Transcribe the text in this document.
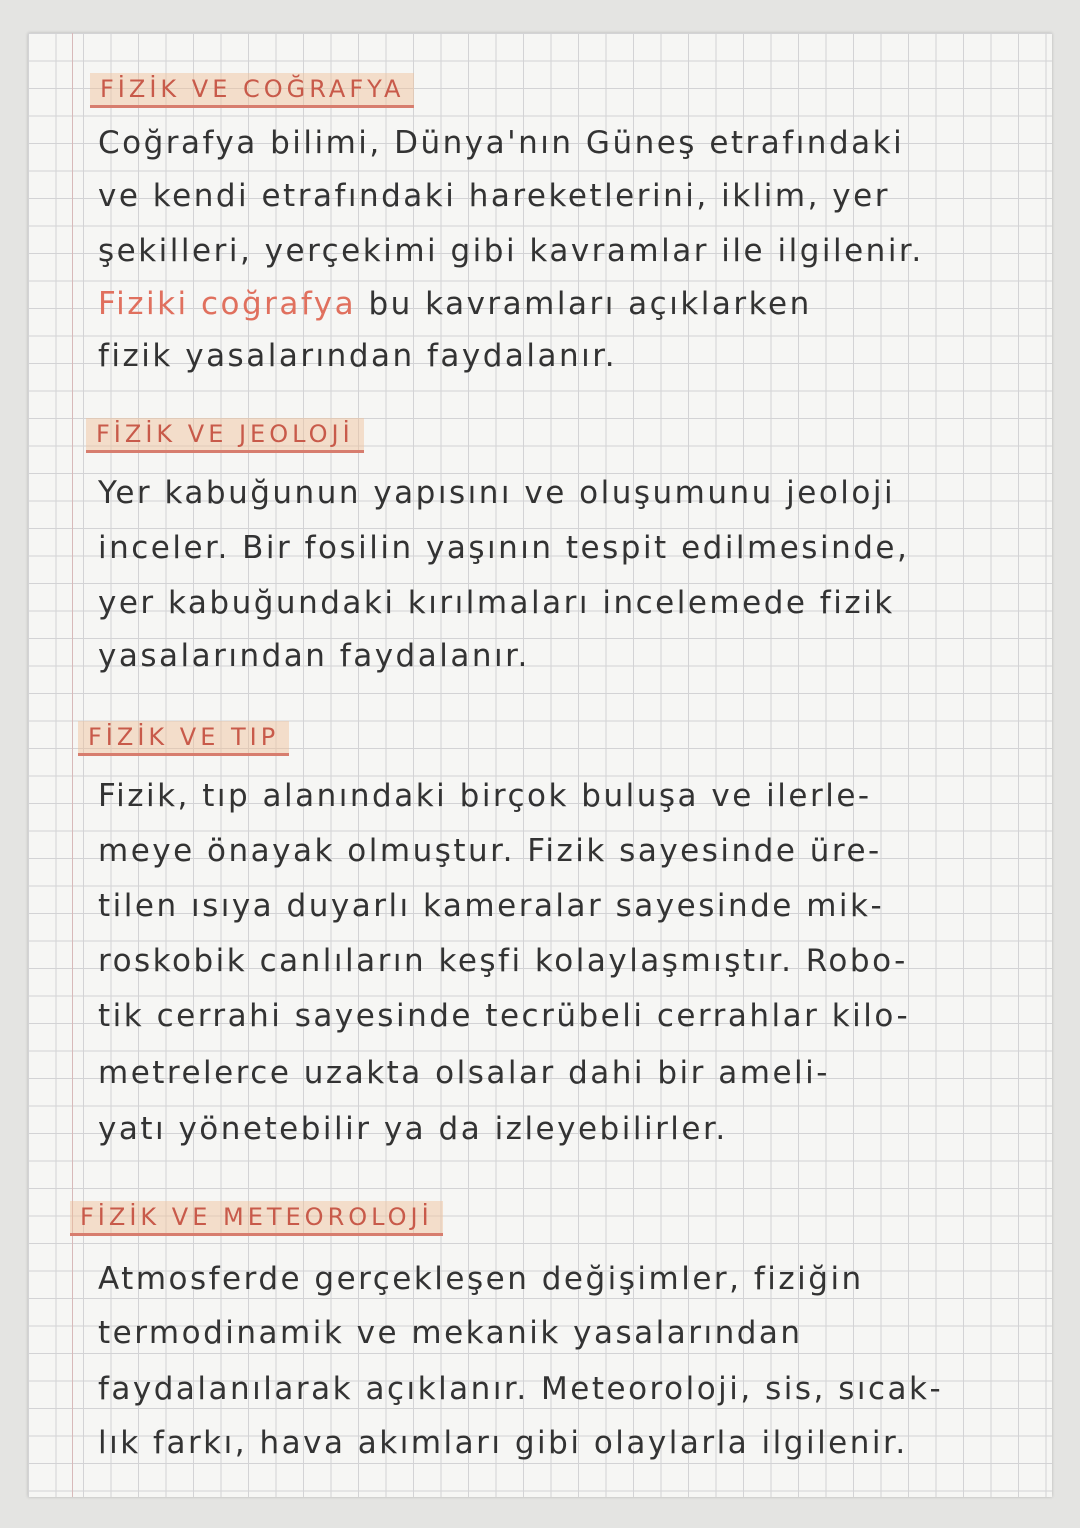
FİZİK VE COĞRAFYA
Coğrafya bilimi, Dünya'nın Güneş etrafındaki
ve kendi etrafındaki hareketlerini, iklim, yer
şekilleri, yerçekimi gibi kavramlar ile ilgilenir.
Fiziki coğrafya bu kavramları açıklarken
fizik yasalarından faydalanır.
FİZİK VE JEOLOJİ
Yer kabuğunun yapısını ve oluşumunu jeoloji
inceler. Bir fosilin yaşının tespit edilmesinde,
yer kabuğundaki kırılmaları incelemede fizik
yasalarından faydalanır.
FİZİK VE TIP
Fizik, tıp alanındaki birçok buluşa ve ilerle-
meye önayak olmuştur. Fizik sayesinde üre-
tilen ısıya duyarlı kameralar sayesinde mik-
roskobik canlıların keşfi kolaylaşmıştır. Robo-
tik cerrahi sayesinde tecrübeli cerrahlar kilo-
metrelerce uzakta olsalar dahi bir ameli-
yatı yönetebilir ya da izleyebilirler.
FİZİK VE METEOROLOJİ
Atmosferde gerçekleşen değişimler, fiziğin
termodinamik ve mekanik yasalarından
faydalanılarak açıklanır. Meteoroloji, sis, sıcak-
lık farkı, hava akımları gibi olaylarla ilgilenir.
